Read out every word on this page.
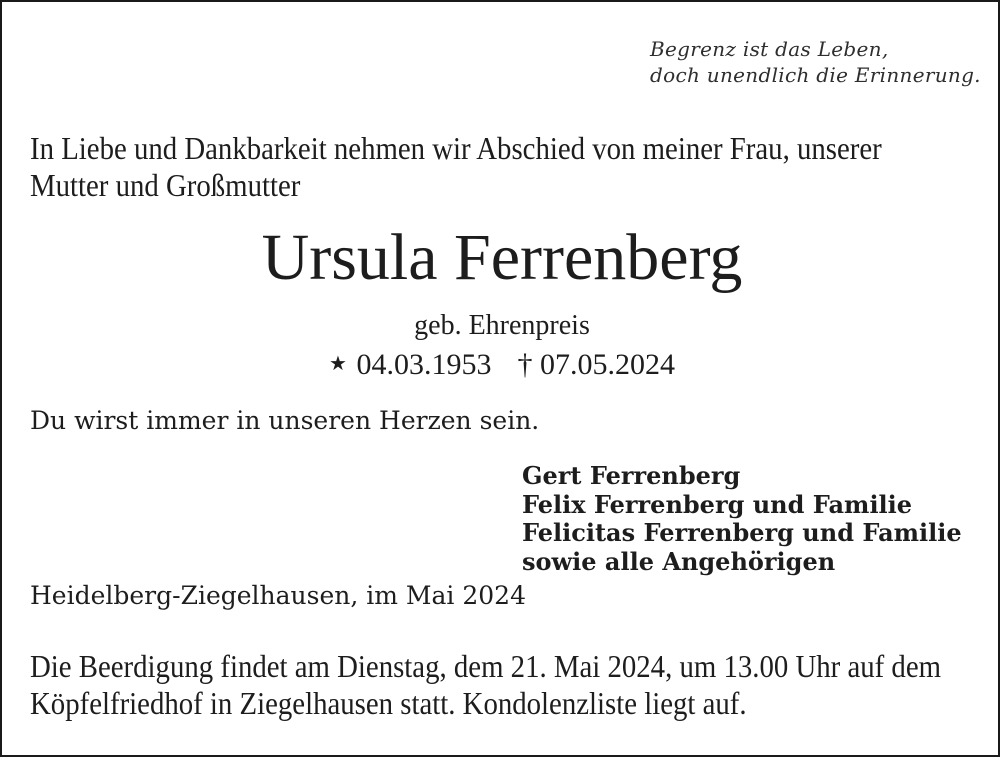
Begrenz ist das Leben,
doch unendlich die Erinnerung.
In Liebe und Dankbarkeit nehmen wir Abschied von meiner Frau, unserer Mutter und Großmutter
Ursula Ferrenberg
geb. Ehrenpreis
★ 04.03.1953 † 07.05.2024
Du wirst immer in unseren Herzen sein.
Gert Ferrenberg
Felix Ferrenberg und Familie
Felicitas Ferrenberg und Familie
sowie alle Angehörigen
Heidelberg-Ziegelhausen, im Mai 2024
Die Beerdigung findet am Dienstag, dem 21. Mai 2024, um 13.00 Uhr auf dem Köpfelfriedhof in Ziegelhausen statt. Kondolenzliste liegt auf.
